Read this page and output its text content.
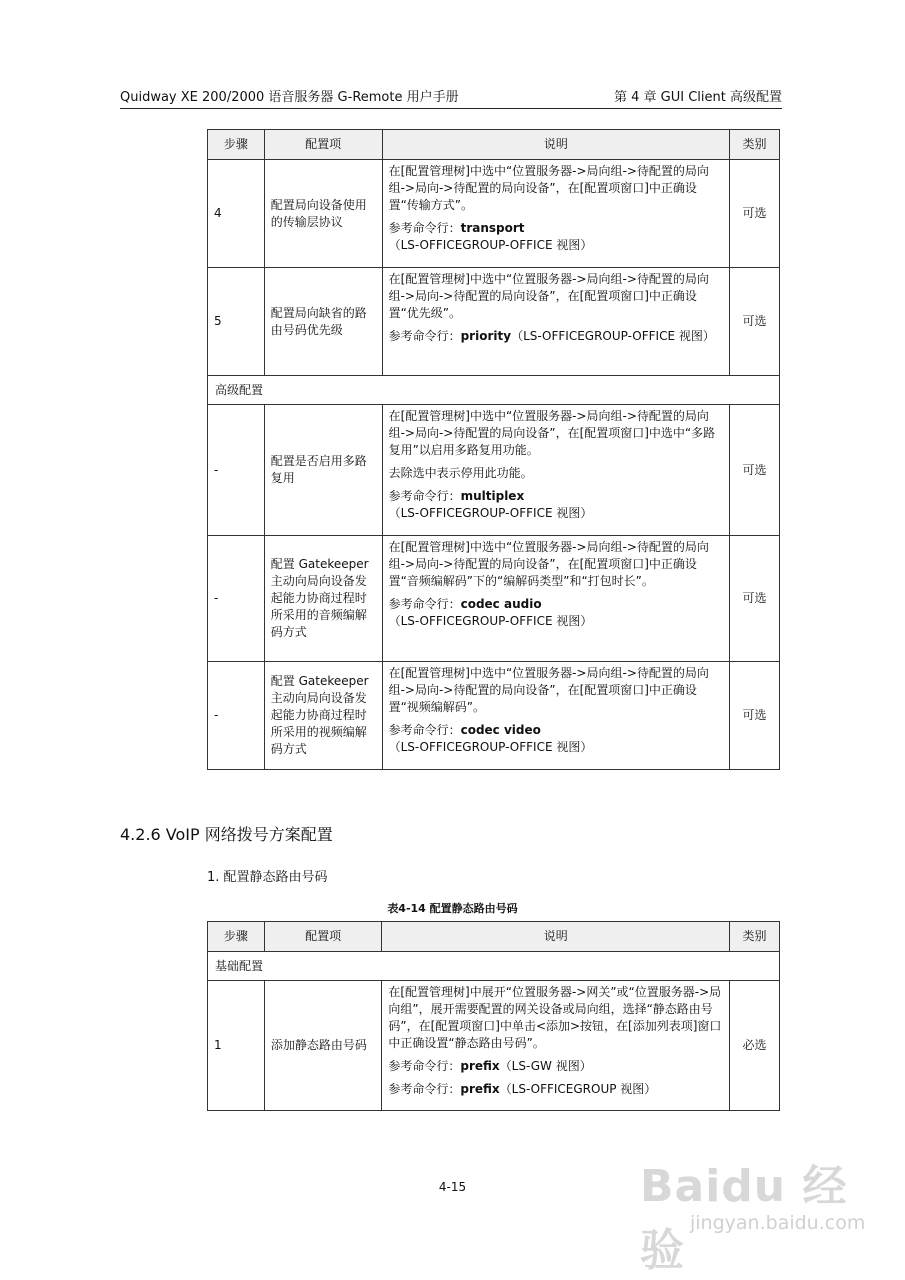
Quidway XE 200/2000 语音服务器 G-Remote 用户手册	第 4 章 GUI Client 高级配置
步骤	配置项	说明	类别
4	配置局向设备使用的传输层协议	在[配置管理树]中选中“位置服务器->局向组->待配置的局向组->局向->待配置的局向设备”，在[配置项窗口]中正确设置“传输方式”。

参考命令行：transport（LS-OFFICEGROUP-OFFICE 视图）	可选
5	配置局向缺省的路由号码优先级	在[配置管理树]中选中“位置服务器->局向组->待配置的局向组->局向->待配置的局向设备”，在[配置项窗口]中正确设置“优先级”。

参考命令行：priority（LS-OFFICEGROUP-OFFICE 视图）	可选
高级配置			
-	配置是否启用多路复用	在[配置管理树]中选中“位置服务器->局向组->待配置的局向组->局向->待配置的局向设备”，在[配置项窗口]中选中“多路复用”以启用多路复用功能。

去除选中表示停用此功能。

参考命令行：multiplex（LS-OFFICEGROUP-OFFICE 视图）	可选
-	配置 Gatekeeper 主动向局向设备发起能力协商过程时所采用的音频编解码方式	在[配置管理树]中选中“位置服务器->局向组->待配置的局向组->局向->待配置的局向设备”，在[配置项窗口]中正确设置“音频编解码”下的“编解码类型”和“打包时长”。

参考命令行：codec audio
（LS-OFFICEGROUP-OFFICE 视图）	可选
-	配置 Gatekeeper 主动向局向设备发起能力协商过程时所采用的视频编解码方式	在[配置管理树]中选中“位置服务器->局向组->待配置的局向组->局向->待配置的局向设备”，在[配置项窗口]中正确设置“视频编解码”。

参考命令行：codec video
（LS-OFFICEGROUP-OFFICE 视图）	可选
4.2.6 VoIP 网络拨号方案配置
1. 配置静态路由号码
表4-14 配置静态路由号码
步骤	配置项	说明	类别
基础配置			
1	添加静态路由号码	在[配置管理树]中展开“位置服务器->网关”或“位置服务器->局向组”，展开需要配置的网关设备或局向组，选择“静态路由号码”，在[配置项窗口]中单击<添加>按钮，在[添加列表项]窗口中正确设置“静态路由号码”。

参考命令行：prefix（LS-GW 视图）

参考命令行：prefix（LS-OFFICEGROUP 视图）	必选
4-15	Baidu 经验
jingyan.baidu.com
